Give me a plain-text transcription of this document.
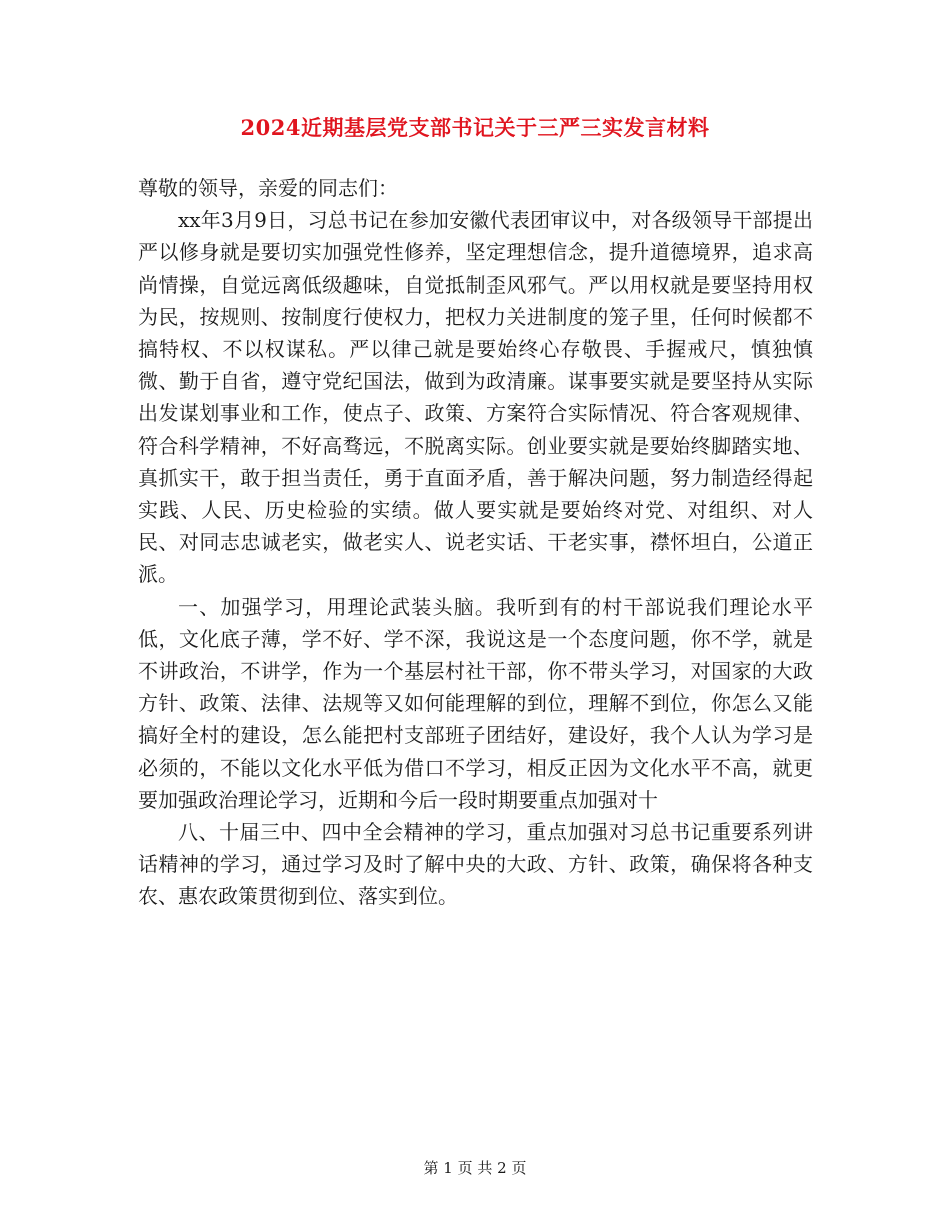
2024近期基层党支部书记关于三严三实发言材料

尊敬的领导，亲爱的同志们：

xx年3月9日，习总书记在参加安徽代表团审议中，对各级领导干部提出严以修身就是要切实加强党性修养，坚定理想信念，提升道德境界，追求高尚情操，自觉远离低级趣味，自觉抵制歪风邪气。严以用权就是要坚持用权为民，按规则、按制度行使权力，把权力关进制度的笼子里，任何时候都不搞特权、不以权谋私。严以律己就是要始终心存敬畏、手握戒尺，慎独慎微、勤于自省，遵守党纪国法，做到为政清廉。谋事要实就是要坚持从实际出发谋划事业和工作，使点子、政策、方案符合实际情况、符合客观规律、符合科学精神，不好高骛远，不脱离实际。创业要实就是要始终脚踏实地、真抓实干，敢于担当责任，勇于直面矛盾，善于解决问题，努力制造经得起实践、人民、历史检验的实绩。做人要实就是要始终对党、对组织、对人民、对同志忠诚老实，做老实人、说老实话、干老实事，襟怀坦白，公道正派。

一、加强学习，用理论武装头脑。我听到有的村干部说我们理论水平低，文化底子薄，学不好、学不深，我说这是一个态度问题，你不学，就是不讲政治，不讲学，作为一个基层村社干部，你不带头学习，对国家的大政方针、政策、法律、法规等又如何能理解的到位，理解不到位，你怎么又能搞好全村的建设，怎么能把村支部班子团结好，建设好，我个人认为学习是必须的，不能以文化水平低为借口不学习，相反正因为文化水平不高，就更要加强政治理论学习，近期和今后一段时期要重点加强对十

八、十届三中、四中全会精神的学习，重点加强对习总书记重要系列讲话精神的学习，通过学习及时了解中央的大政、方针、政策，确保将各种支农、惠农政策贯彻到位、落实到位。

第 1 页 共 2 页
